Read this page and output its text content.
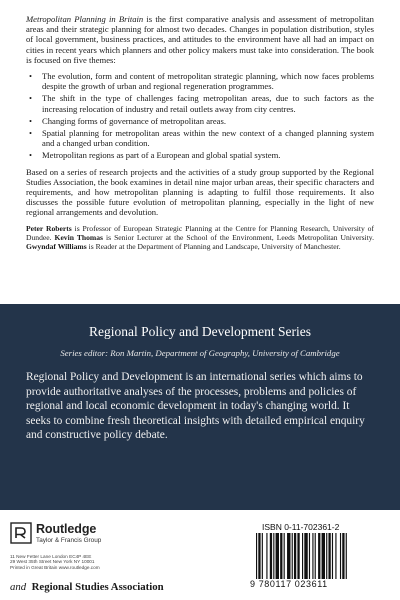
Metropolitan Planning in Britain is the first comparative analysis and assessment of metropolitan areas and their strategic planning for almost two decades. Changes in population distribution, styles of local government, business practices, and attitudes to the environment have all had an impact on cities in recent years which planners and other policy makers must take into consideration. The book is focused on five themes:

• The evolution, form and content of metropolitan strategic planning, which now faces problems despite the growth of urban and regional regeneration programmes.
• The shift in the type of challenges facing metropolitan areas, due to such factors as the increasing relocation of industry and retail outlets away from city centres.
• Changing forms of governance of metropolitan areas.
• Spatial planning for metropolitan areas within the new context of a changed planning system and a changed urban condition.
• Metropolitan regions as part of a European and global spatial system.

Based on a series of research projects and the activities of a study group supported by the Regional Studies Association, the book examines in detail nine major urban areas, their specific characters and requirements, and how metropolitan planning is adapting to fulfil those requirements. It also discusses the possible future evolution of metropolitan planning, especially in the light of new regional arrangements and devolution.

Peter Roberts is Professor of European Strategic Planning at the Centre for Planning Research, University of Dundee. Kevin Thomas is Senior Lecturer at the School of the Environment, Leeds Metropolitan University. Gwyndaf Williams is Reader at the Department of Planning and Landscape, University of Manchester.

Regional Policy and Development Series
Series editor: Ron Martin, Department of Geography, University of Cambridge

Regional Policy and Development is an international series which aims to provide authoritative analyses of the processes, problems and policies of regional and local economic development in today's changing world. It seeks to combine fresh theoretical insights with detailed empirical enquiry and constructive policy debate.

Routledge
Taylor & Francis Group
11 New Fetter Lane London EC4P 4EE
29 West 35th Street New York NY 10001
Printed in Great Britain www.routledge.com
and Regional Studies Association
ISBN 0-11-702361-2
9 780117 023611
